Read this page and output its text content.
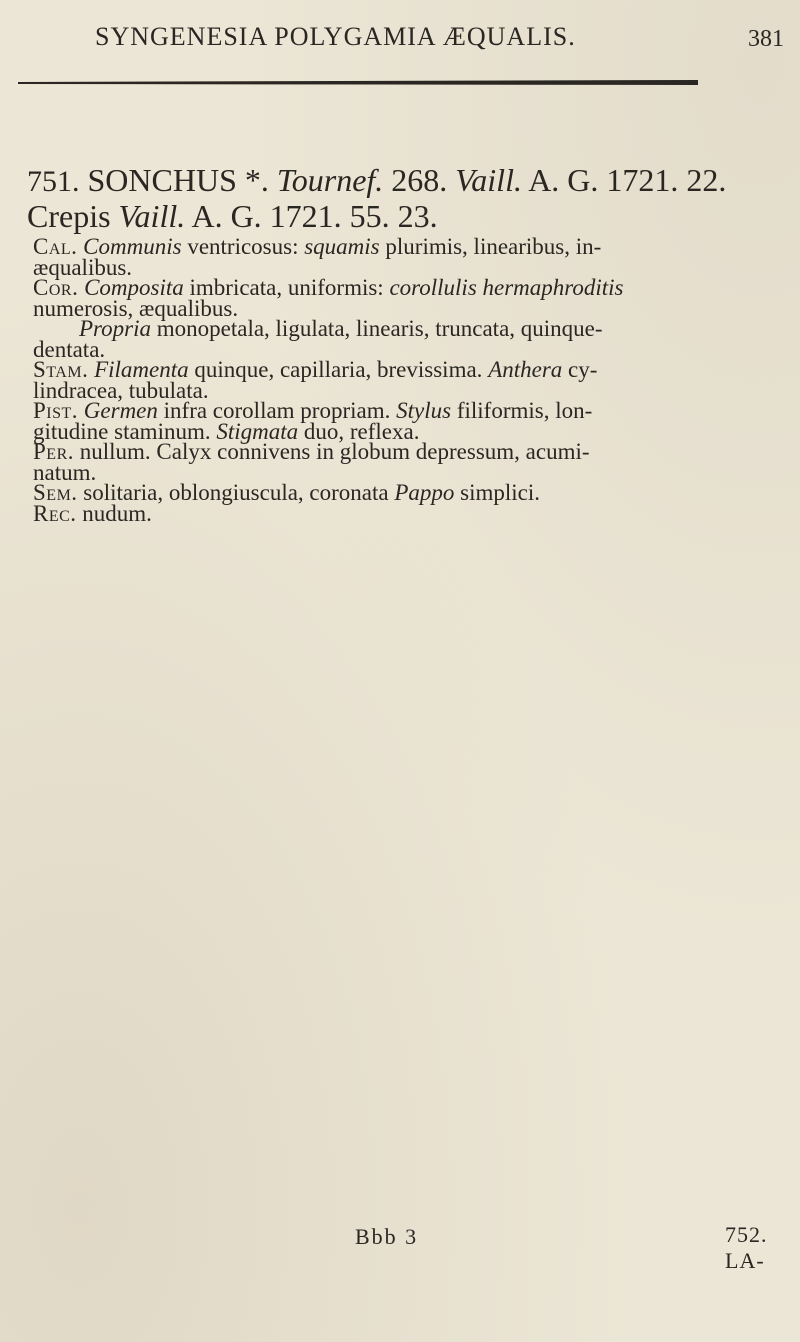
SYNGENESIA POLYGAMIA ÆQUALIS.	381
751. SONCHUS *. Tournef. 268. Vaill. A. G. 1721. 22. Crepis Vaill. A. G. 1721. 55. 23.

Cal. Communis ventricosus: squamis plurimis, linearibus, in-
æqualibus.

Cor. Composita imbricata, uniformis: corollulis hermaphroditis
numerosis, æqualibus.

Propria monopetala, ligulata, linearis, truncata, quinque-
dentata.

Stam. Filamenta quinque, capillaria, brevissima. Anthera cy-
lindracea, tubulata.

Pist. Germen infra corollam propriam. Stylus filiformis, lon-
gitudine staminum. Stigmata duo, reflexa.

Per. nullum. Calyx connivens in globum depressum, acumi-
natum.

Sem. solitaria, oblongiusculа, coronata Pappo simplici.

Rec. nudum.

Bbb 3	752. LA-
